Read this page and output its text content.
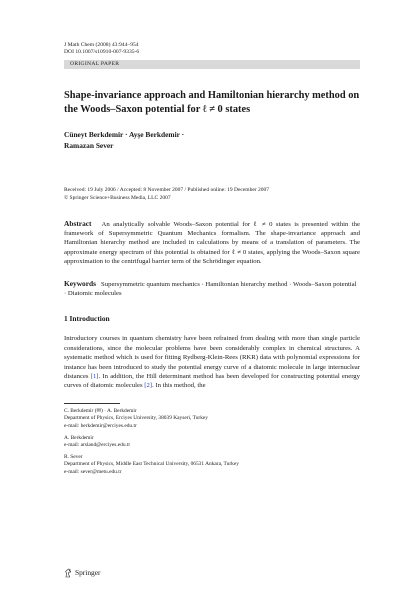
J Math Chem (2008) 43:944–954
DOI 10.1007/s10910-007-9335-6
ORIGINAL PAPER
Shape-invariance approach and Hamiltonian hierarchy method on the Woods–Saxon potential for ℓ ≠ 0 states
Cüneyt Berkdemir · Ayşe Berkdemir ·
Ramazan Sever
Received: 19 July 2006 / Accepted: 8 November 2007 / Published online: 19 December 2007
© Springer Science+Business Media, LLC 2007

Abstract An analytically solvable Woods–Saxon potential for ℓ ≠ 0 states is presented within the framework of Supersymmetric Quantum Mechanics formalism. The shape-invariance approach and Hamiltonian hierarchy method are included in calculations by means of a translation of parameters. The approximate energy spectrum of this potential is obtained for ℓ ≠ 0 states, applying the Woods–Saxon square approximation to the centrifugal barrier term of the Schrödinger equation.

Keywords Supersymmetric quantum mechanics · Hamiltonian hierarchy method · Woods–Saxon potential · Diatomic molecules

1 Introduction

Introductory courses in quantum chemistry have been refrained from dealing with more than single particle considerations, since the molecular problems have been considerably complex in chemical structures. A systematic method which is used for fitting Rydberg-Klein-Rees (RKR) data with polynomial expressions for instance has been introduced to study the potential energy curve of a diatomic molecule in large internuclear distances [1]. In addition, the Hill determinant method has been developed for constructing potential energy curves of diatomic molecules [2]. In this method, the

C. Berkdemir (✉) · A. Berkdemir
Department of Physics, Erciyes University, 38039 Kayseri, Turkey
e-mail: berkdemir@erciyes.edu.tr
A. Berkdemir
e-mail: arsland@erciyes.edu.tr
R. Sever
Department of Physics, Middle East Technical University, 06531 Ankara, Turkey
e-mail: sever@metu.edu.tr
Springer
